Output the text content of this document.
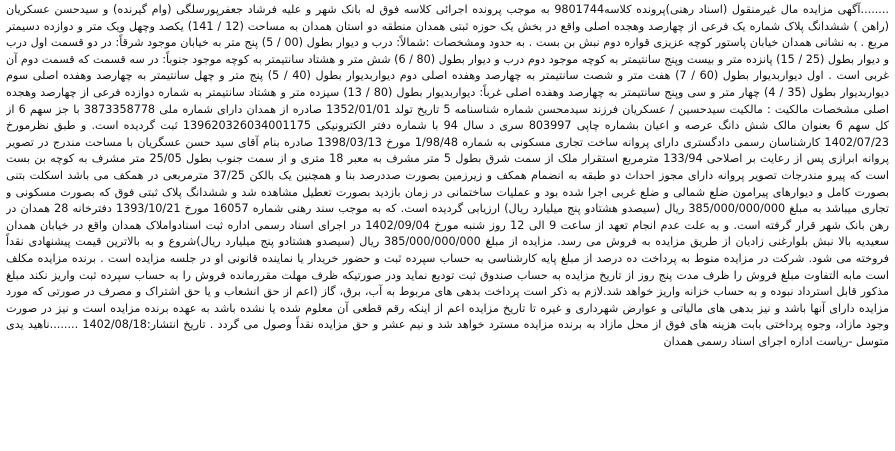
........آگهی مزایده مال غیرمنقول (اسناد رهنی)پرونده کلاسه9801744 به موجب پرونده اجرائی کلاسه فوق له بانک شهر و علیه فرشاد جعفرپورسلگی (وام گیرنده) و سیدحسن عسکریان (راهن ) ششدانگ پلاک شماره یک فرعی از چهارصد وهجده اصلی واقع در بخش یک حوزه ثبتی همدان منطقه دو استان همدان به مساحت (12 / 141) یکصد وچهل ویک متر و دوازده دسیمتر مربع . به نشانی همدان خیابان پاستور کوچه عزیزی قواره دوم نبش بن بست . به حدود ومشخصات :شمالاً: درب و دیوار بطول (00 / 5) پنج متر به خیابان موجود شرقاً: در دو قسمت اول درب و دیوار بطول (25 / 15) پانزده متر و بیست وپنج سانتیمتر به کوچه موجود دوم درب و دیوار بطول (80 / 6) شش متر و هشتاد سانتیمتر به کوچه موجود جنوباً: در سه قسمت که قسمت دوم آن غربی است . اول دیواربدیوار بطول (60 / 7) هفت متر و شصت سانتیمتر به چهارصد وهفده اصلی دوم دیواربدیوار بطول (40 / 5) پنج متر و چهل سانتیمتر به چهارصد وهفده اصلی سوم دیواربدیوار بطول (35 / 4) چهار متر و سی وپنج سانتیمتر به چهارصد وهفده اصلی غرباً: دیواربدیوار بطول (80 / 13) سیزده متر و هشتاد سانتیمتر به شماره دوازده فرعی از چهارصد وهجده اصلی مشخصات مالکیت : مالکیت سیدحسین / عسکریان فرزند سیدمحسن شماره شناسنامه 5 تاریخ تولد 1352/01/01 صادره از همدان دارای شماره ملی 3873358778 با جز سهم 6 از کل سهم 6 بعنوان مالک شش دانگ عرصه و اعیان بشماره چاپی 803997 سری د سال 94 با شماره دفتر الکترونیکی 139620326034001175 ثبت گردیده است. و طبق نظرمورخ 1402/07/23 کارشناسان رسمی دادگستری دارای پروانه ساخت تجاری مسکونی به شماره 1/98/48 مورخ 1398/03/13 صادره بنام آقای سید حسن عسگریان با مساحت مندرج در تصویر پروانه ابرازی پس از رعایت بر اصلاحی 133/94 مترمربع استقرار ملک از سمت شرق بطول 5 متر مشرف به معبر 18 متری و از سمت جنوب بطول 25/05 متر مشرف به کوچه بن بست است که پیرو مندرجات تصویر پروانه دارای مجوز احداث دو طبقه به انضمام همکف و زیرزمین بصورت صددرصد بنا و همچنین یک بالکن 37/25 مترمربعی در همکف می باشد اسکلت بتنی بصورت کامل و دیوارهای پیرامون ضلع شمالی و ضلع غربی اجرا شده بود و عملیات ساختمانی در زمان بازدید بصورت تعطیل مشاهده شد و ششدانگ پلاک ثبتی فوق که بصورت مسکونی و تجاری میباشد به مبلغ 385/000/000/000 ریال (سیصدو هشتادو پنج میلیارد ریال) ارزیابی گردیده است. که به موجب سند رهنی شماره 16057 مورخ 1393/10/21 دفترخانه 28 همدان در رهن بانک شهر قرار گرفته است. و به علت عدم انجام تعهد از ساعت 9 الی 12 روز شنبه مورخ 1402/09/04 در اجرای اسناد رسمی اداره ثبت اسنادواملاک همدان واقع در خیابان همدان سعیدیه بالا نبش بلوارغنی زادیان از طریق مزایده به فروش می رسد. مزایده از مبلغ 385/000/000/000 ریال (سیصدو هشتادو پنج میلیارد ریال)شروع و به بالاترین قیمت پیشنهادی نقداً فروخته می شود. شرکت در مزایده منوط به پرداخت ده درصد از مبلغ پایه کارشناسی به حساب سپرده ثبت و حضور خریدار یا نماینده قانونی او در جلسه مزایده است . برنده مزایده مکلف است مابه التفاوت مبلغ فروش را ظرف مدت پنج روز از تاریخ مزایده به حساب صندوق ثبت تودیع نماید ودر صورتیکه ظرف مهلت مقررمانده فروش را به حساب سپرده ثبت واریز نکند مبلغ مذکور قابل استرداد نبوده و به حساب خزانه واریز خواهد شد.لازم به ذکر است پرداخت بدهی های مربوط به آب، برق، گاز (اعم از حق انشعاب و یا حق اشتراک و مصرف در صورتی که مورد مزایده دارای آنها باشد و نیز بدهی های مالیاتی و عوارض شهرداری و غیره تا تاریخ مزایده اعم از اینکه رقم قطعی آن معلوم شده یا نشده باشد به عهده برنده مزایده است و نیز در صورت وجود مازاد، وجوه پرداختی بابت هزینه های فوق از محل مازاد به برنده مزایده مسترد خواهد شد و نیم عشر و حق مزایده نقداً وصول می گردد . تاریخ انتشار:1402/08/18 ........ناهید یدی متوسل -ریاست اداره اجرای اسناد رسمی همدان
